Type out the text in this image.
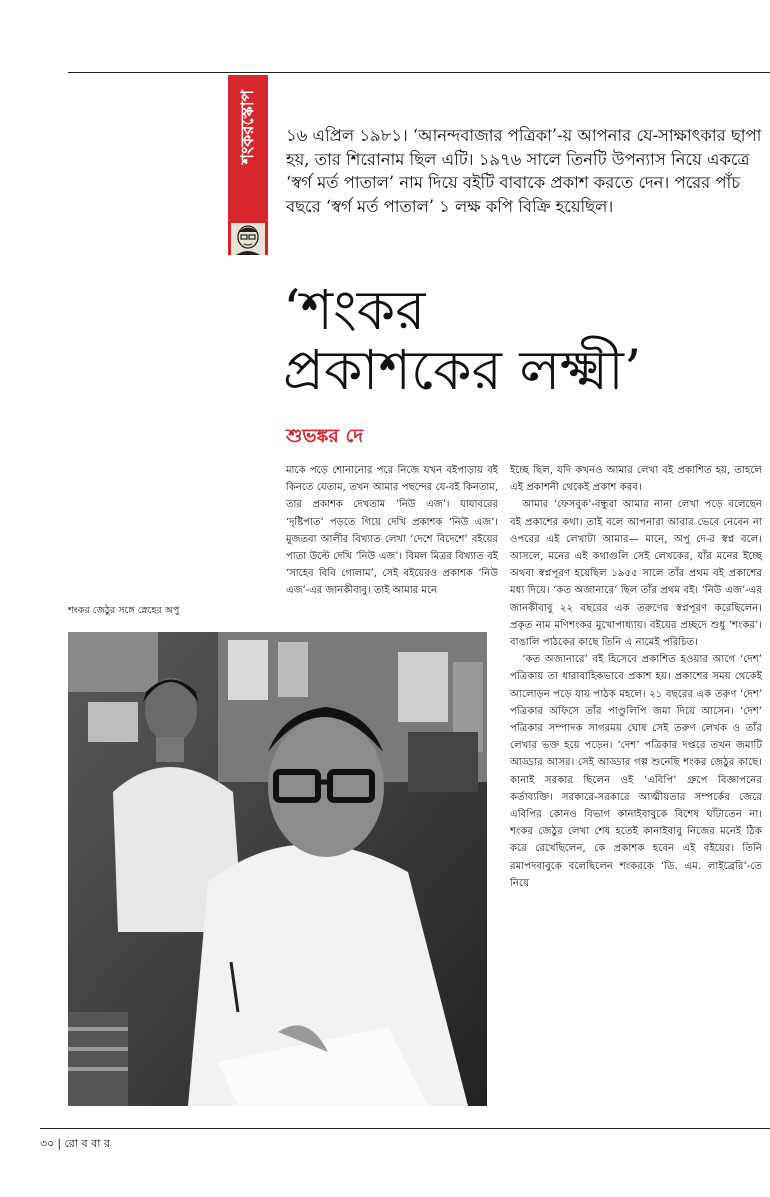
শংকরস্কোপ	১৬ এপ্রিল ১৯৮১। ‘আনন্দবাজার পত্রিকা’-য় আপনার যে-সাক্ষাৎকার ছাপা হয়, তার শিরোনাম ছিল এটি। ১৯৭৬ সালে তিনটি উপন্যাস নিয়ে একত্রে ‘স্বর্গ মর্ত পাতাল’ নাম দিয়ে বইটি বাবাকে প্রকাশ করতে দেন। পরের পাঁচ বছরে ‘স্বর্গ মর্ত পাতাল’ ১ লক্ষ কপি বিক্রি হয়েছিল।

‘শংকর
প্রকাশকের লক্ষ্মী’

শুভঙ্কর দে

মাকে পড়ে শোনানোর পরে নিজে যখন বইপাড়ায় বই কিনতে যেতাম, তখন আমার পছন্দের যে-বই কিনতাম, তার প্রকাশক দেখতাম ‘নিউ এজ’। যাযাবরের ‘দৃষ্টিপাত’ পড়তে গিয়ে দেখি প্রকাশক ‘নিউ এজ’। মুজতবা আলীর বিখ্যাত লেখা ‘দেশে বিদেশে’ বইয়ের পাতা উল্টে দেখি ‘নিউ এজ’। বিমল মিত্রর বিখ্যাত বই ‘সাহেব বিবি গোলাম’, সেই বইয়েরও প্রকাশক ‘নিউ এজ’-এর জানকীবাবু। তাই আমার মনে

ইচ্ছে ছিল, যদি কখনও আমার লেখা বই প্রকাশিত হয়, তাহলে এই প্রকাশনী থেকেই প্রকাশ করব।

আমার ‘ফেসবুক’-বন্ধুরা আমার নানা লেখা পড়ে বলেছেন বই প্রকাশের কথা। তাই বলে আপনারা আবার ভেবে নেবেন না ওপরের এই লেখাটা আমার— মানে, অপু দে-র স্বপ্ন বলে। আসলে, মনের এই কথাগুলি সেই লেখকের, যাঁর মনের ইচ্ছে অথবা স্বপ্নপূরণ হয়েছিল ১৯৫৫ সালে তাঁর প্রথম বই প্রকাশের মধ্য দিয়ে। ‘কত অজানারে’ ছিল তাঁর প্রথম বই। ‘নিউ এজ’-এর জানকীবাবু ২২ বছরের এক তরুণের স্বপ্নপূরণ করেছিলেন। প্রকৃত নাম মণিশংকর মুখোপাধ্যায়। বইয়ের প্রচ্ছদে শুধু ‘শংকর’। বাঙালি পাঠকের কাছে তিনি এ নামেই পরিচিত।

‘কত অজানারে’ বই হিসেবে প্রকাশিত হওয়ার আগে ‘দেশ’ পত্রিকায় তা ধারাবাহিকভাবে প্রকাশ হয়। প্রকাশের সময় থেকেই আলোড়ন পড়ে যায় পাঠক মহলে। ২১ বছরের এক তরুণ ‘দেশ’ পত্রিকার অফিসে তাঁর পাণ্ডুলিপি জমা দিয়ে আসেন। ‘দেশ’ পত্রিকার সম্পাদক সাগরময় ঘোষ সেই তরুণ লেখক ও তাঁর লেখার ভক্ত হয়ে পড়েন। ‘দেশ’ পত্রিকার দপ্তরে তখন জমাটি আড্ডার আসর। সেই আড্ডার গল্প শুনেছি শংকর জেঠুর কাছে। কানাই সরকার ছিলেন ওই ‘এবিপি’ গ্রুপে বিজ্ঞাপনের কর্তাব্যক্তি। সরকারে-সরকারে আত্মীয়তার সম্পর্কের জেরে এবিপির কোনও বিভাগ কানাইবাবুকে বিশেষ ঘাঁটাতেন না। শংকর জেঠুর লেখা শেষ হতেই কানাইবাবু নিজের মনেই ঠিক করে রেখেছিলেন, কে প্রকাশক হবেন এই বইয়ের। তিনি রমাপদবাবুকে বলেছিলেন শংকরকে ‘ডি. এম. লাইব্রেরি’-তে নিয়ে

শংকর জেঠুর সঙ্গে স্নেহের অপু

৩০ | রো ব বা র
